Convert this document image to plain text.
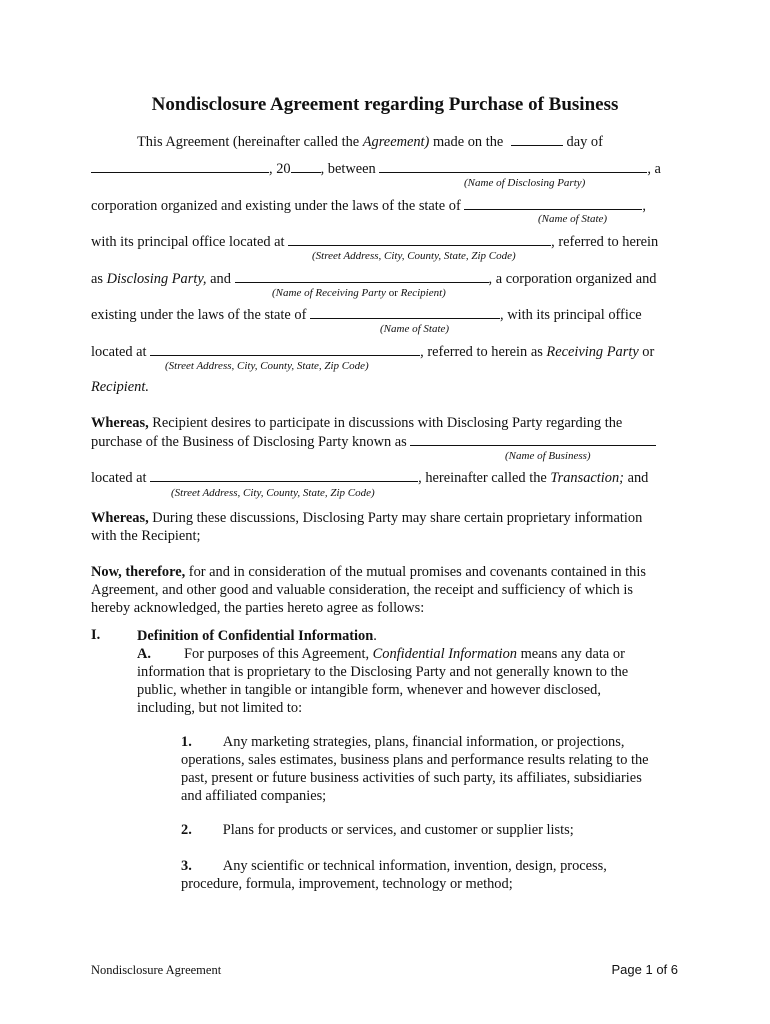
Nondisclosure Agreement regarding Purchase of Business
This Agreement (hereinafter called the Agreement) made on the	day of
, 20 , between	, a
(Name of Disclosing Party)
corporation organized and existing under the laws of the state of	,
(Name of State)
with its principal office located at	, referred to herein
(Street Address, City, County, State, Zip Code)
as Disclosing Party, and	, a corporation organized and
(Name of Receiving Party or Recipient)
existing under the laws of the state of	, with its principal office
(Name of State)
located at	, referred to herein as Receiving Party or
(Street Address, City, County, State, Zip Code)
Recipient.
Whereas, Recipient desires to participate in discussions with Disclosing Party regarding the
purchase of the Business of Disclosing Party known as
(Name of Business)
located at	, hereinafter called the Transaction; and
(Street Address, City, County, State, Zip Code)
Whereas, During these discussions, Disclosing Party may share certain proprietary information
with the Recipient;
Now, therefore, for and in consideration of the mutual promises and covenants contained in this
Agreement, and other good and valuable consideration, the receipt and sufficiency of which is
hereby acknowledged, the parties hereto agree as follows:
I.	Definition of Confidential Information.
A. For purposes of this Agreement, Confidential Information means any data or
information that is proprietary to the Disclosing Party and not generally known to the
public, whether in tangible or intangible form, whenever and however disclosed,
including, but not limited to:
1. Any marketing strategies, plans, financial information, or projections,
operations, sales estimates, business plans and performance results relating to the
past, present or future business activities of such party, its affiliates, subsidiaries
and affiliated companies;
2. Plans for products or services, and customer or supplier lists;
3. Any scientific or technical information, invention, design, process,
procedure, formula, improvement, technology or method;
Nondisclosure Agreement	Page 1 of 6
